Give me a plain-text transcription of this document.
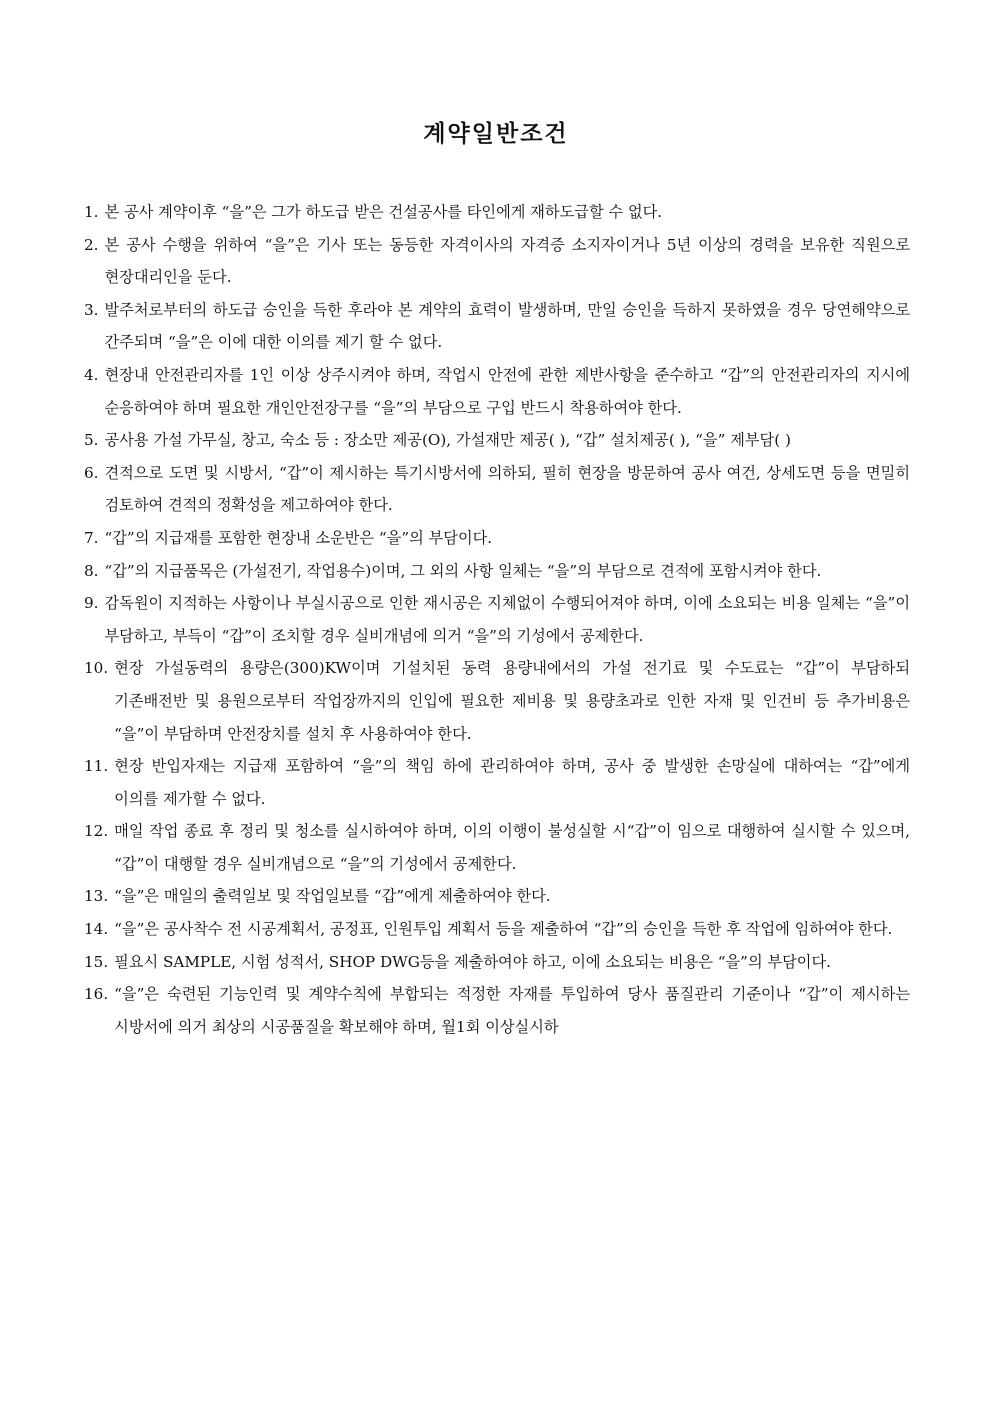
계약일반조건
1. 본 공사 계약이후 “을”은 그가 하도급 받은 건설공사를 타인에게 재하도급할 수 없다.
2. 본 공사 수행을 위하여 “을”은 기사 또는 동등한 자격이사의 자격증 소지자이거나 5년 이상의 경력을 보유한 직원으로 현장대리인을 둔다.
3. 발주처로부터의 하도급 승인을 득한 후라야 본 계약의 효력이 발생하며, 만일 승인을 득하지 못하였을 경우 당연해약으로 간주되며 “을”은 이에 대한 이의를 제기 할 수 없다.
4. 현장내 안전관리자를 1인 이상 상주시켜야 하며, 작업시 안전에 관한 제반사항을 준수하고 “갑”의 안전관리자의 지시에 순응하여야 하며 필요한 개인안전장구를 “을”의 부담으로 구입 반드시 착용하여야 한다.
5. 공사용 가설 가무실, 창고, 숙소 등 : 장소만 제공(O), 가설재만 제공( ), “갑” 설치제공( ), “을” 제부담( )
6. 견적으로 도면 및 시방서, “갑”이 제시하는 특기시방서에 의하되, 필히 현장을 방문하여 공사 여건, 상세도면 등을 면밀히 검토하여 견적의 정확성을 제고하여야 한다.
7. “갑”의 지급재를 포함한 현장내 소운반은 “을”의 부담이다.
8. “갑”의 지급품목은 (가설전기, 작업용수)이며, 그 외의 사항 일체는 “을”의 부담으로 견적에 포함시켜야 한다.
9. 감독원이 지적하는 사항이나 부실시공으로 인한 재시공은 지체없이 수행되어져야 하며, 이에 소요되는 비용 일체는 “을”이 부담하고, 부득이 “갑”이 조치할 경우 실비개념에 의거 “을”의 기성에서 공제한다.
10. 현장 가설동력의 용량은(300)KW이며 기설치된 동력 용량내에서의 가설 전기료 및 수도료는 “갑”이 부담하되 기존배전반 및 용원으로부터 작업장까지의 인입에 필요한 제비용 및 용량초과로 인한 자재 및 인건비 등 추가비용은 “을”이 부담하며 안전장치를 설치 후 사용하여야 한다.
11. 현장 반입자재는 지급재 포함하여 “을”의 책임 하에 관리하여야 하며, 공사 중 발생한 손망실에 대하여는 “갑”에게 이의를 제가할 수 없다.
12. 매일 작업 종료 후 정리 및 청소를 실시하여야 하며, 이의 이행이 불성실할 시“갑”이 임으로 대행하여 실시할 수 있으며, “갑”이 대행할 경우 실비개념으로 “을”의 기성에서 공제한다.
13. “을”은 매일의 출력일보 및 작업일보를 “갑”에게 제출하여야 한다.
14. “을”은 공사착수 전 시공계획서, 공정표, 인원투입 계획서 등을 제출하여 “갑”의 승인을 득한 후 작업에 임하여야 한다.
15. 필요시 SAMPLE, 시험 성적서, SHOP DWG등을 제출하여야 하고, 이에 소요되는 비용은 “을”의 부담이다.
16. “을”은 숙련된 기능인력 및 계약수칙에 부합되는 적정한 자재를 투입하여 당사 품질관리 기준이나 “갑”이 제시하는 시방서에 의거 최상의 시공품질을 확보해야 하며, 월1회 이상실시하
